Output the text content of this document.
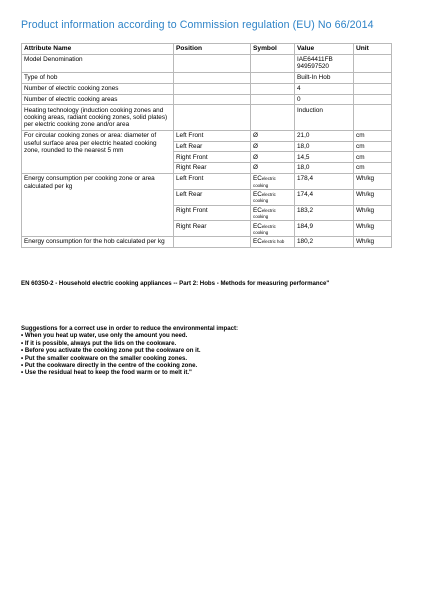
Product information according to Commission regulation (EU) No 66/2014
Attribute Name	Position	Symbol	Value	Unit
Model Denomination			IAE64411FB
949597520	

Type of hob			Built-In Hob	
Number of electric cooking zones			4	
Number of electric cooking areas			0	
Heating technology (induction cooking zones and cooking areas, radiant cooking zones, solid plates) per electric cooking zone and/or area			Induction	
For circular cooking zones or area: diameter of useful surface area per electric heated cooking zone, rounded to the nearest 5 mm	Left Front	Ø	21,0	cm
	Left Rear	Ø	18,0	cm
	Right Front	Ø	14,5	cm
	Right Rear	Ø	18,0	cm
Energy consumption per cooking zone or area calculated per kg	Left Front	ECelectric
cooking	178,4	Wh/kg
	Left Rear	ECelectric
cooking	174,4	Wh/kg
	Right Front	ECelectric
cooking	183,2	Wh/kg
	Right Rear	ECelectric
cooking	184,9	Wh/kg
Energy consumption for the hob calculated per kg		ECelectric hob	180,2	Wh/kg
EN 60350-2 - Household electric cooking appliances -- Part 2: Hobs - Methods for measuring performance"
Suggestions for a correct use in order to reduce the environmental impact:
• When you heat up water, use only the amount you need.
• If it is possible, always put the lids on the cookware.
• Before you activate the cooking zone put the cookware on it.
• Put the smaller cookware on the smaller cooking zones.
• Put the cookware directly in the centre of the cooking zone.
• Use the residual heat to keep the food warm or to melt it."
